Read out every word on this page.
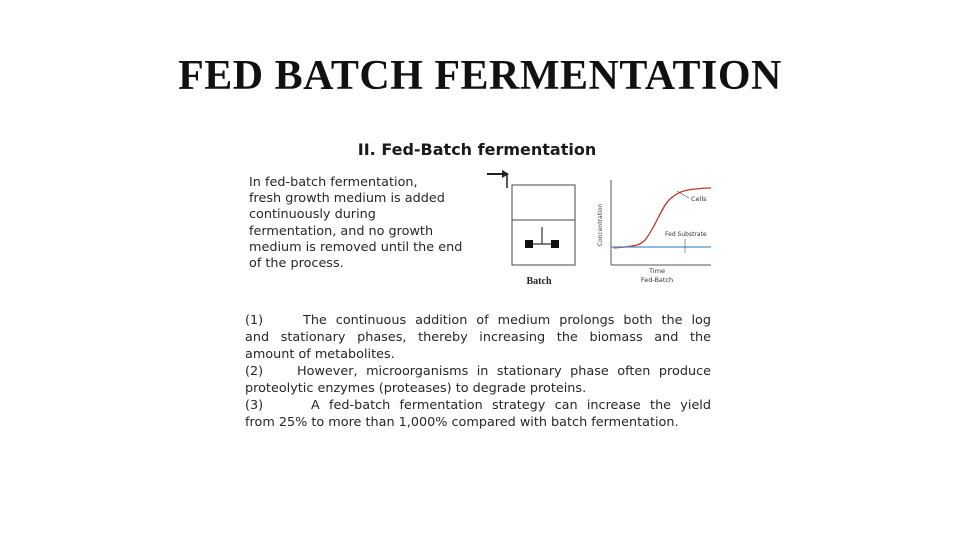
FED BATCH FERMENTATION
II. Fed-Batch fermentation
In fed-batch fermentation,
fresh growth medium is added
continuously during
fermentation, and no growth
medium is removed until the end
of the process.
Batch
Concentration
Cells
Fed Substrate
Time
Fed-Batch
(1)	The continuous addition of medium prolongs both the log
and stationary phases, thereby increasing the biomass and the
amount of metabolites.
(2)	However, microorganisms in stationary phase often produce
proteolytic enzymes (proteases) to degrade proteins.
(3)	A fed-batch fermentation strategy can increase the yield
from 25% to more than 1,000% compared with batch fermentation.
